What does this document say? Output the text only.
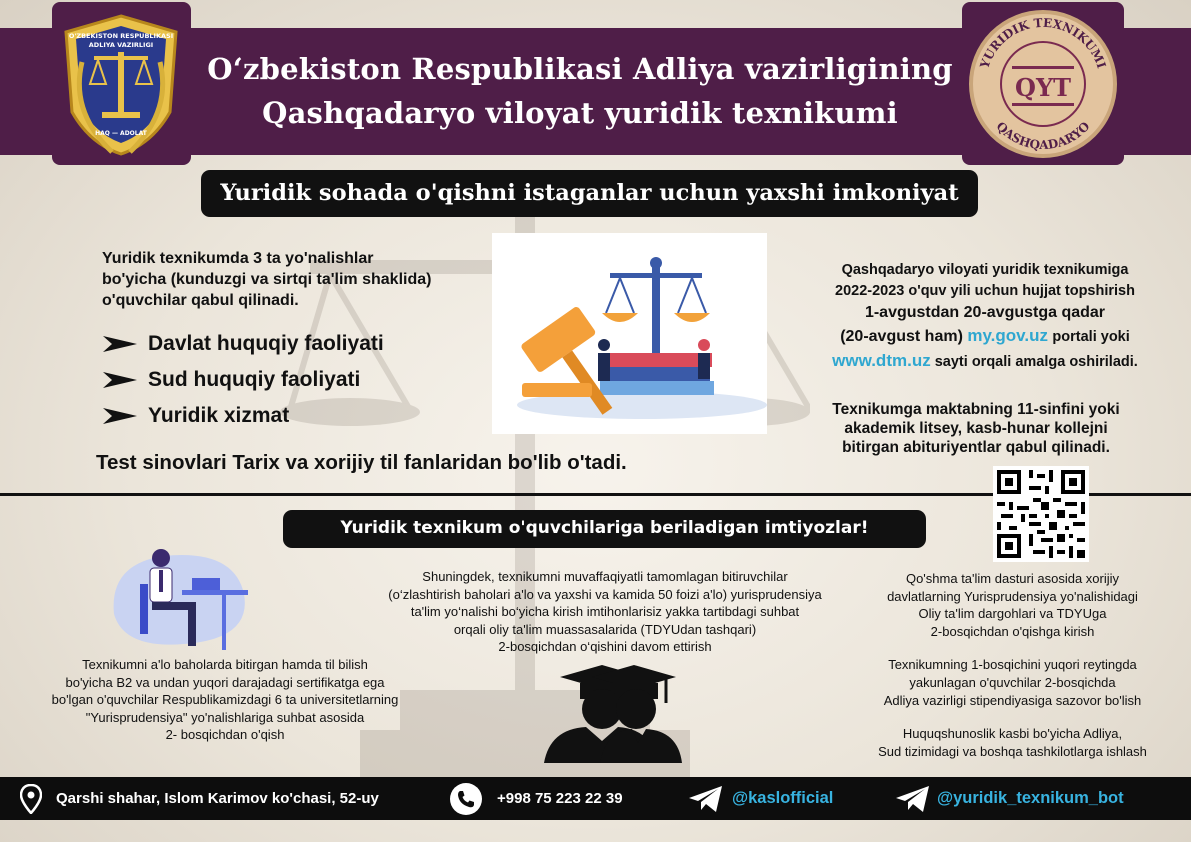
O'ZBEKISTON RESPUBLIKASI
ADLIYA VAZIRLIGI
HAQ — ADOLAT
O‘zbekiston Respublikasi Adliya vazirligining
Qashqadaryo viloyat yuridik texnikumi
YURIDIK TEXNIKUMI
QASHQADARYO
QYT
Yuridik sohada o'qishni istaganlar uchun yaxshi imkoniyat
Yuridik texnikumda 3 ta yo'nalishlar
bo'yicha (kunduzgi va sirtqi ta'lim shaklida)
o'quvchilar qabul qilinadi.
Davlat huquqiy faoliyati
Sud huquqiy faoliyati
Yuridik xizmat
Test sinovlari Tarix va xorijiy til fanlaridan bo'lib o'tadi.
Qashqadaryo viloyati yuridik texnikumiga
2022-2023 o'quv yili uchun hujjat topshirish
1-avgustdan 20-avgustga qadar
(20-avgust ham) my.gov.uz portali yoki
www.dtm.uz sayti orqali amalga oshiriladi.
Texnikumga maktabning 11-sinfini yoki
akademik litsey, kasb-hunar kollejni
bitirgan abituriyentlar qabul qilinadi.
Yuridik texnikum o'quvchilariga beriladigan imtiyozlar!
Texnikumni a'lo baholarda bitirgan hamda til bilish
bo'yicha B2 va undan yuqori darajadagi sertifikatga ega
bo'lgan o'quvchilar Respublikamizdagi 6 ta universitetlarning
"Yurisprudensiya" yo'nalishlariga suhbat asosida
2- bosqichdan o'qish
Shuningdek, texnikumni muvaffaqiyatli tamomlagan bitiruvchilar
(o‘zlashtirish baholari a'lo va yaxshi va kamida 50 foizi a'lo) yurisprudensiya
ta'lim yo‘nalishi bo‘yicha kirish imtihonlarisiz yakka tartibdagi suhbat
orqali oliy ta'lim muassasalarida (TDYUdan tashqari)
2-bosqichdan o‘qishini davom ettirish

Qo'shma ta'lim dasturi asosida xorijiy
davlatlarning Yurisprudensiya yo'nalishidagi
Oliy ta'lim dargohlari va TDYUga
2-bosqichdan o'qishga kirish

Texnikumning 1-bosqichini yuqori reytingda
yakunlagan o'quvchilar 2-bosqichda
Adliya vazirligi stipendiyasiga sazovor bo'lish

Huquqshunoslik kasbi bo'yicha Adliya,
Sud tizimidagi va boshqa tashkilotlarga ishlash

Qarshi shahar, Islom Karimov ko'chasi, 52-uy	+998 75 223 22 39	@kaslofficial	@yuridik_texnikum_bot
